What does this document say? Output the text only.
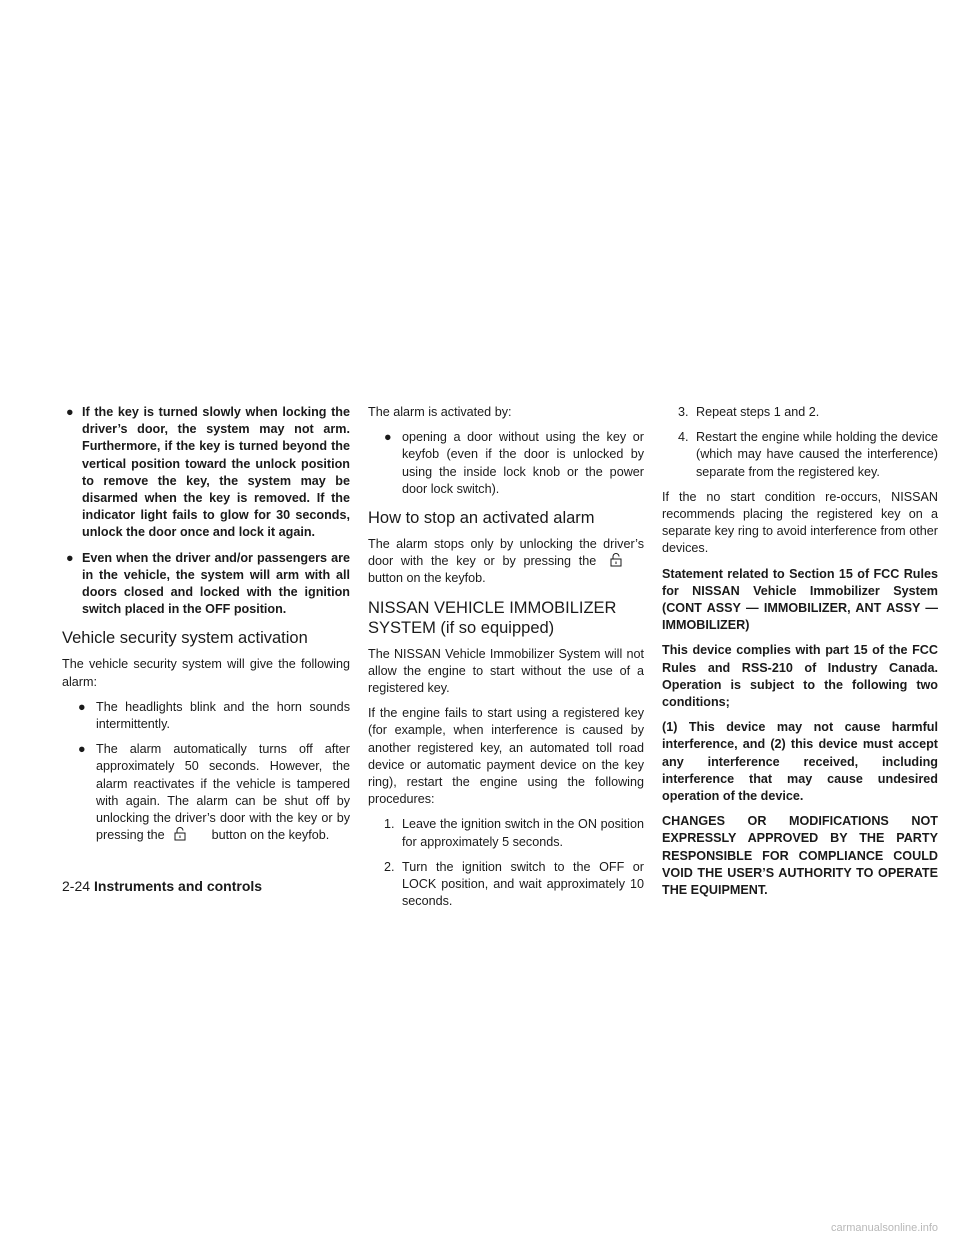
● If the key is turned slowly when locking the driver’s door, the system may not arm. Furthermore, if the key is turned beyond the vertical position toward the unlock position to remove the key, the system may be disarmed when the key is removed. If the indicator light fails to glow for 30 seconds, unlock the door once and lock it again.
● Even when the driver and/or passengers are in the vehicle, the system will arm with all doors closed and locked with the ignition switch placed in the OFF position.
Vehicle security system activation

The vehicle security system will give the following alarm:

● The headlights blink and the horn sounds intermittently.
● The alarm automatically turns off after approximately 50 seconds. However, the alarm reactivates if the vehicle is tampered with again. The alarm can be shut off by unlocking the driver’s door with the key or by pressing the	button on the keyfob.

The alarm is activated by:

● opening a door without using the key or keyfob (even if the door is unlocked by using the inside lock knob or the power door lock switch).
How to stop an activated alarm

The alarm stops only by unlocking the driver’s door with the key or by pressing the  button on the keyfob.

NISSAN VEHICLE IMMOBILIZER SYSTEM (if so equipped)

The NISSAN Vehicle Immobilizer System will not allow the engine to start without the use of a registered key.

If the engine fails to start using a registered key (for example, when interference is caused by another registered key, an automated toll road device or automatic payment device on the key ring), restart the engine using the following procedures:

1. Leave the ignition switch in the ON position for approximately 5 seconds.
2. Turn the ignition switch to the OFF or LOCK position, and wait approximately 10 seconds.
3. Repeat steps 1 and 2.
4. Restart the engine while holding the device (which may have caused the interference) separate from the registered key.

If the no start condition re-occurs, NISSAN recommends placing the registered key on a separate key ring to avoid interference from other devices.

Statement related to Section 15 of FCC Rules for NISSAN Vehicle Immobilizer System (CONT ASSY — IMMOBILIZER, ANT ASSY — IMMOBILIZER)

This device complies with part 15 of the FCC Rules and RSS-210 of Industry Canada. Operation is subject to the following two conditions;

(1) This device may not cause harmful interference, and (2) this device must accept any interference received, including interference that may cause undesired operation of the device.

CHANGES OR MODIFICATIONS NOT EXPRESSLY APPROVED BY THE PARTY RESPONSIBLE FOR COMPLIANCE COULD VOID THE USER’S AUTHORITY TO OPERATE THE EQUIPMENT.

2-24 Instruments and controls
carmanualsonline.info
